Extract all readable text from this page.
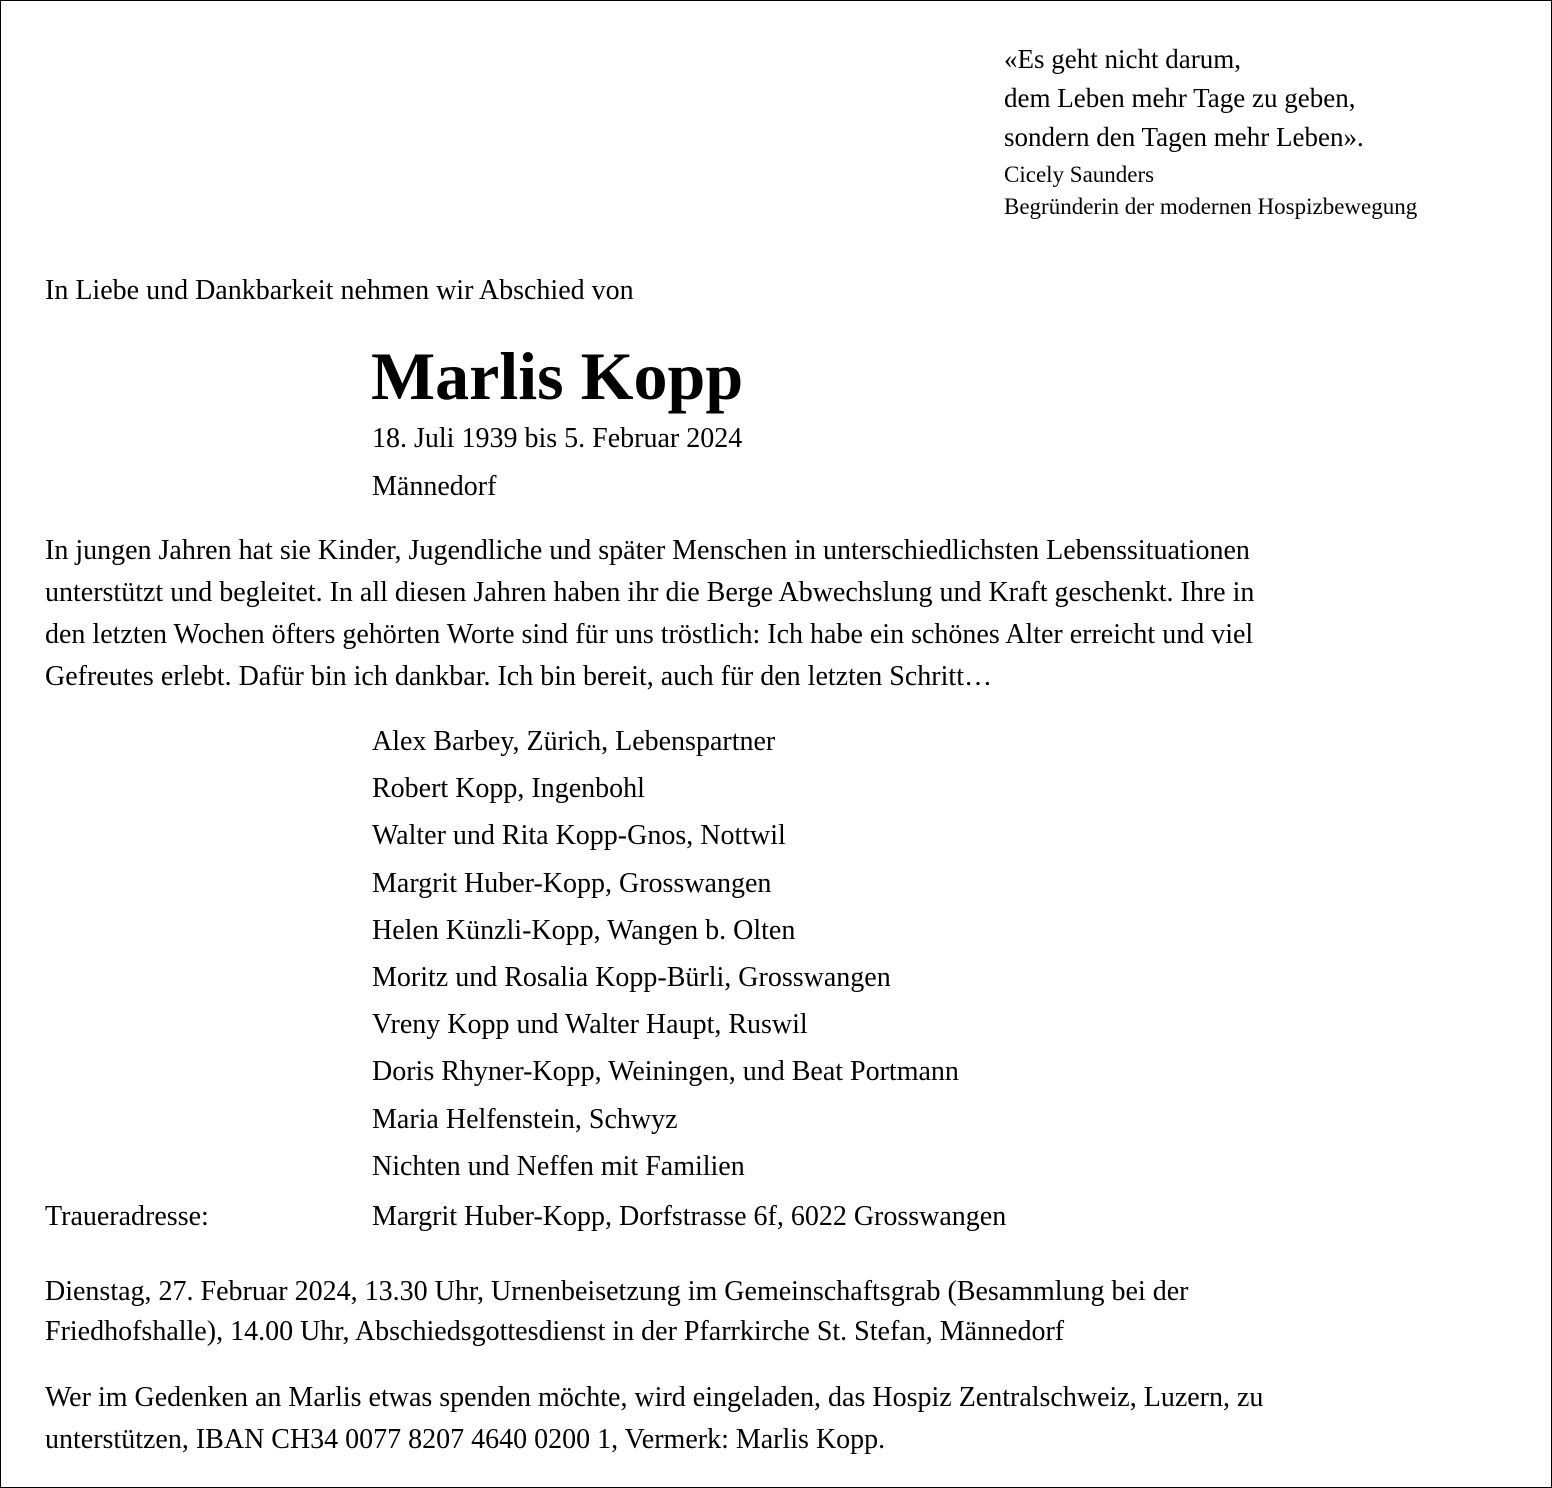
«Es geht nicht darum,
dem Leben mehr Tage zu geben,
sondern den Tagen mehr Leben».
Cicely Saunders
Begründerin der modernen Hospizbewegung
In Liebe und Dankbarkeit nehmen wir Abschied von
Marlis Kopp
18. Juli 1939 bis 5. Februar 2024
Männedorf
In jungen Jahren hat sie Kinder, Jugendliche und später Menschen in unterschiedlichsten Lebenssituationen
unterstützt und begleitet. In all diesen Jahren haben ihr die Berge Abwechslung und Kraft geschenkt. Ihre in
den letzten Wochen öfters gehörten Worte sind für uns tröstlich: Ich habe ein schönes Alter erreicht und viel
Gefreutes erlebt. Dafür bin ich dankbar. Ich bin bereit, auch für den letzten Schritt…
Alex Barbey, Zürich, Lebenspartner
Robert Kopp, Ingenbohl
Walter und Rita Kopp-Gnos, Nottwil
Margrit Huber-Kopp, Grosswangen
Helen Künzli-Kopp, Wangen b. Olten
Moritz und Rosalia Kopp-Bürli, Grosswangen
Vreny Kopp und Walter Haupt, Ruswil
Doris Rhyner-Kopp, Weiningen, und Beat Portmann
Maria Helfenstein, Schwyz
Nichten und Neffen mit Familien
Traueradresse:	Margrit Huber-Kopp, Dorfstrasse 6f, 6022 Grosswangen
Dienstag, 27. Februar 2024, 13.30 Uhr, Urnenbeisetzung im Gemeinschaftsgrab (Besammlung bei der
Friedhofshalle), 14.00 Uhr, Abschiedsgottesdienst in der Pfarrkirche St. Stefan, Männedorf
Wer im Gedenken an Marlis etwas spenden möchte, wird eingeladen, das Hospiz Zentralschweiz, Luzern, zu
unterstützen, IBAN CH34 0077 8207 4640 0200 1, Vermerk: Marlis Kopp.
